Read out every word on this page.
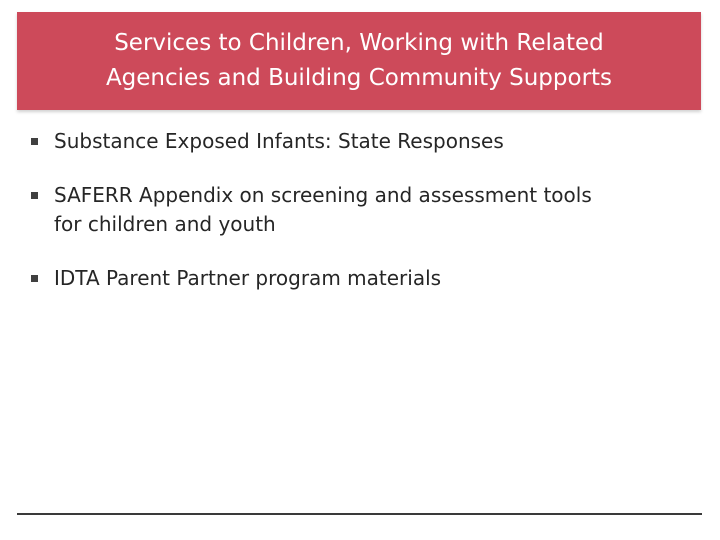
Services to Children, Working with Related
Agencies and Building Community Supports
Substance Exposed Infants: State Responses
SAFERR Appendix on screening and assessment tools
for children and youth
IDTA Parent Partner program materials
